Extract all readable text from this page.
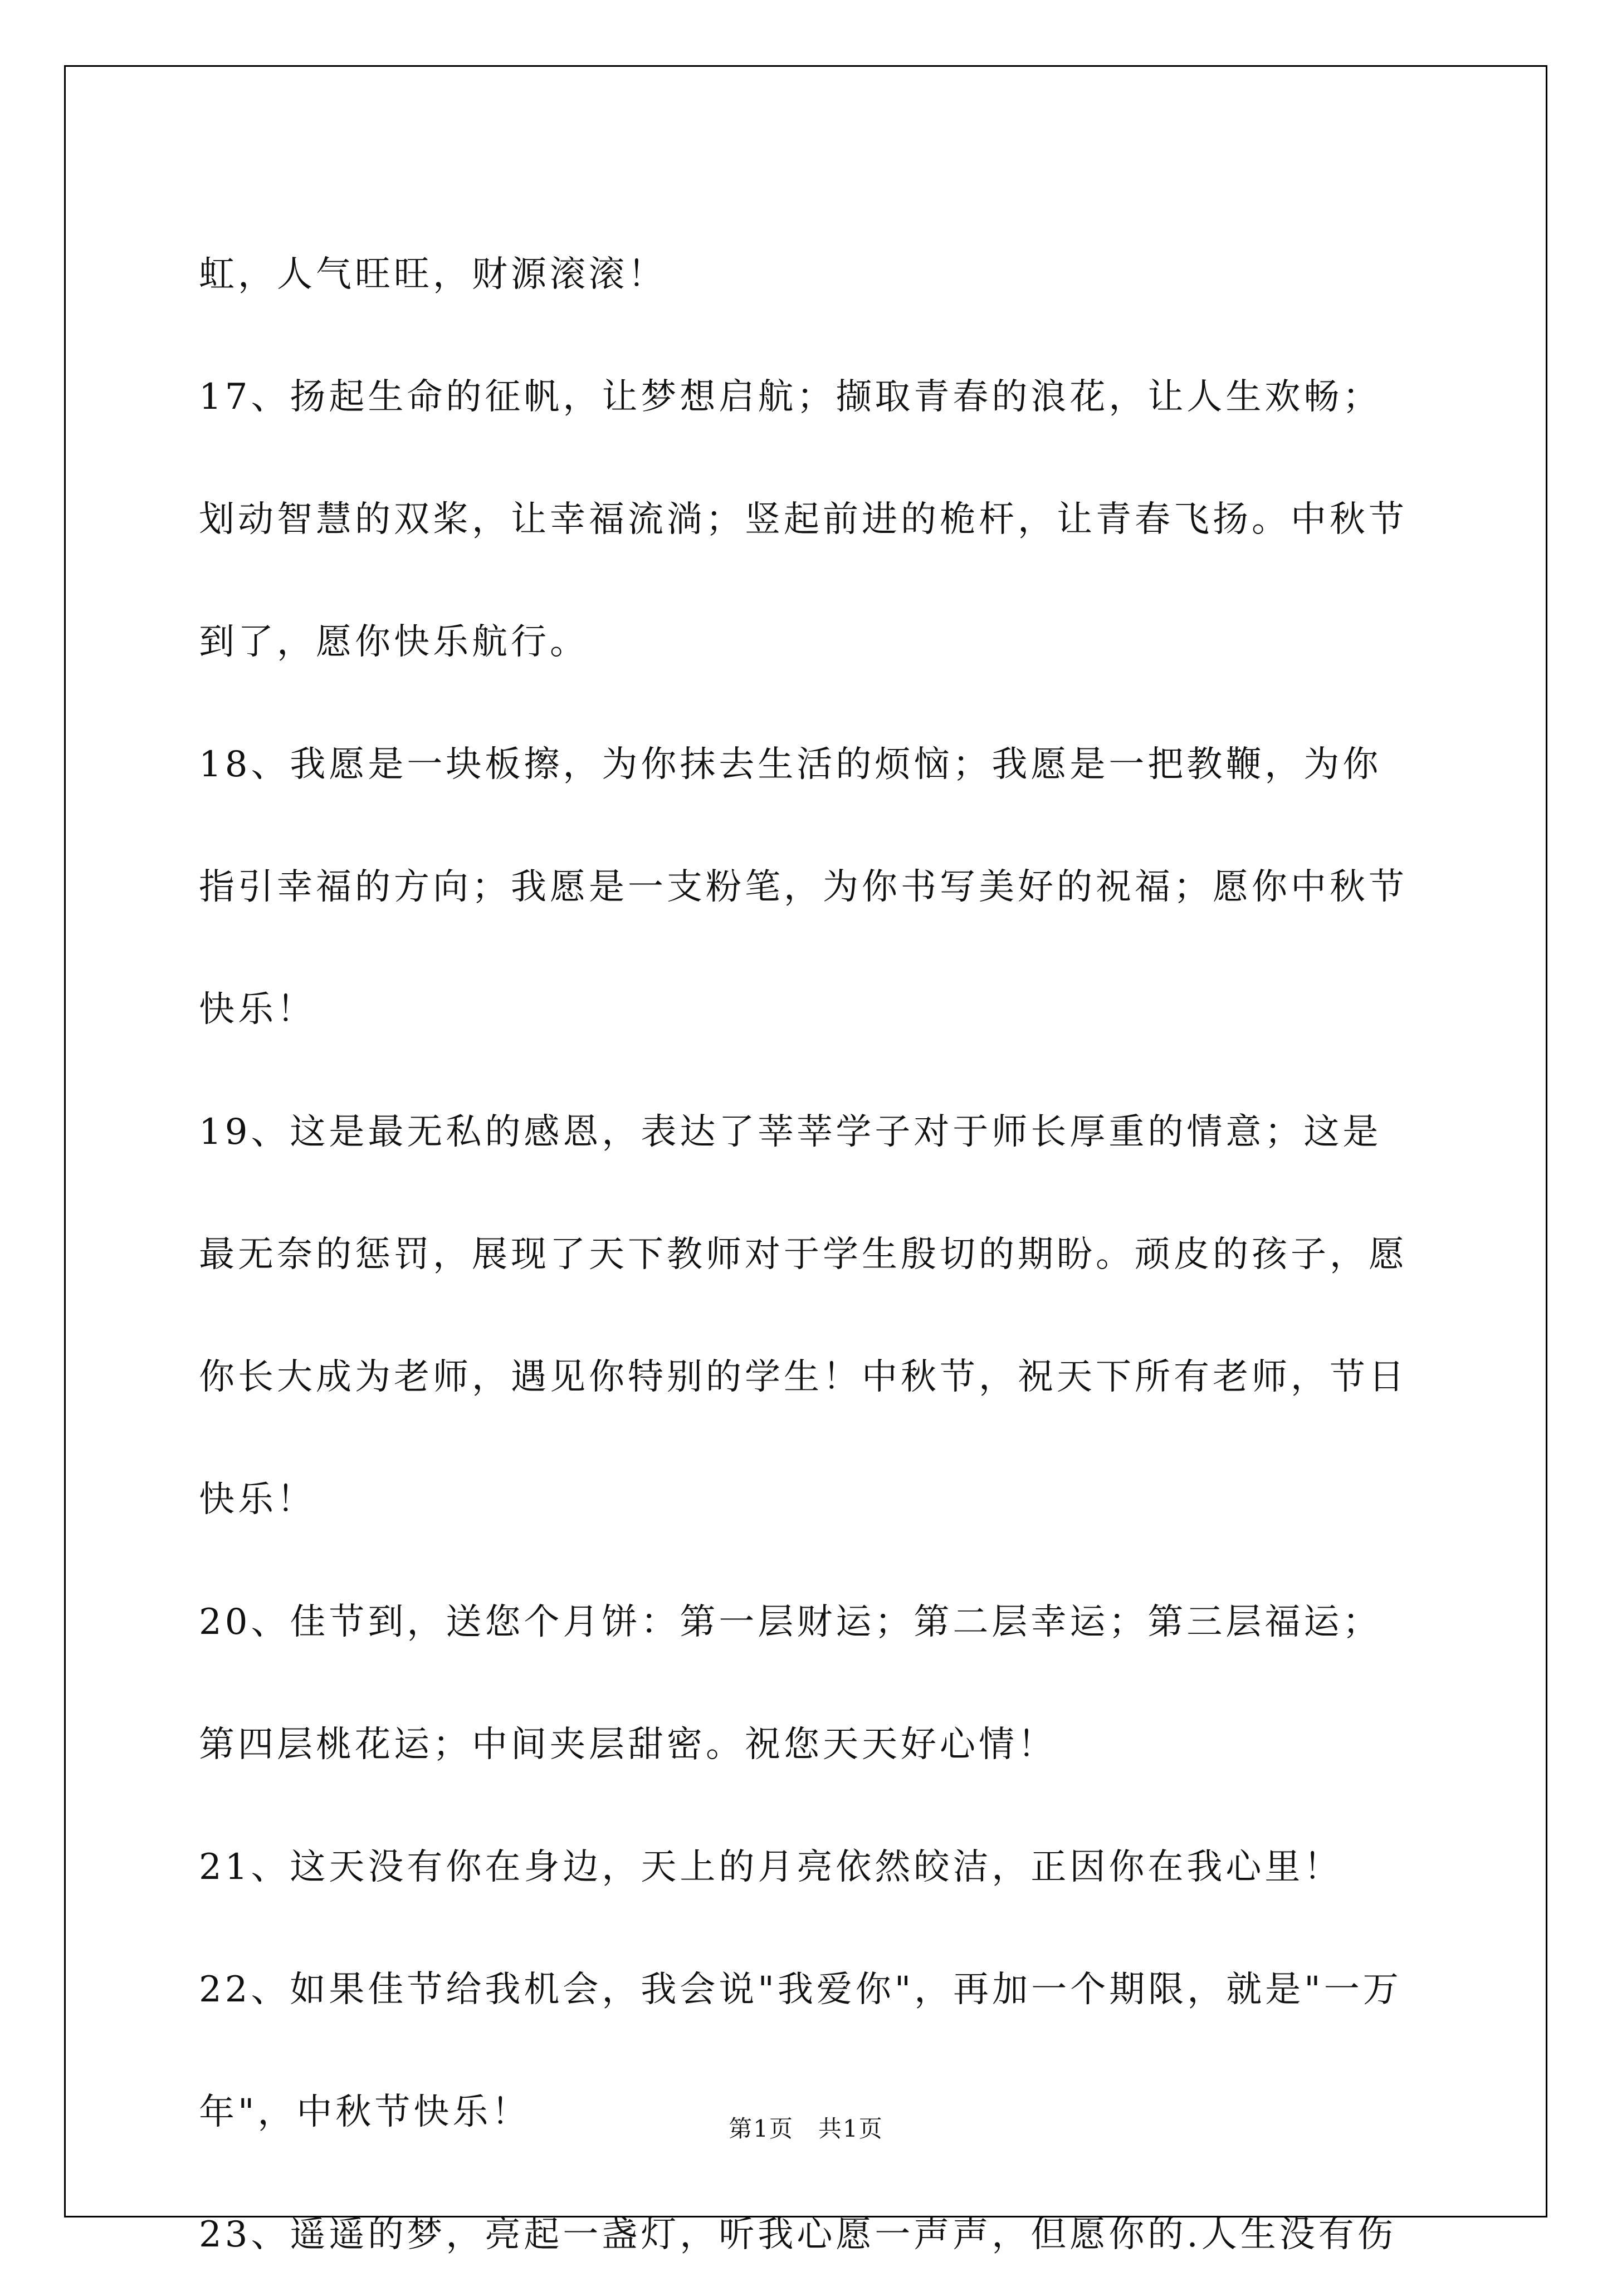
虹，人气旺旺，财源滚滚！

17、扬起生命的征帆，让梦想启航；撷取青春的浪花，让人生欢畅；划动智慧的双桨，让幸福流淌；竖起前进的桅杆，让青春飞扬。中秋节到了，愿你快乐航行。

18、我愿是一块板擦，为你抹去生活的烦恼；我愿是一把教鞭，为你指引幸福的方向；我愿是一支粉笔，为你书写美好的祝福；愿你中秋节快乐！

19、这是最无私的感恩，表达了莘莘学子对于师长厚重的情意；这是最无奈的惩罚，展现了天下教师对于学生殷切的期盼。顽皮的孩子，愿你长大成为老师，遇见你特别的学生！中秋节，祝天下所有老师，节日快乐！

20、佳节到，送您个月饼：第一层财运；第二层幸运；第三层福运；第四层桃花运；中间夹层甜密。祝您天天好心情！

21、这天没有你在身边，天上的月亮依然皎洁，正因你在我心里！

22、如果佳节给我机会，我会说"我爱你"，再加一个期限，就是"一万年"，中秋节快乐！

23、遥遥的梦，亮起一盏灯，听我心愿一声声，但愿你的.人生没有伤

第1页　共1页
